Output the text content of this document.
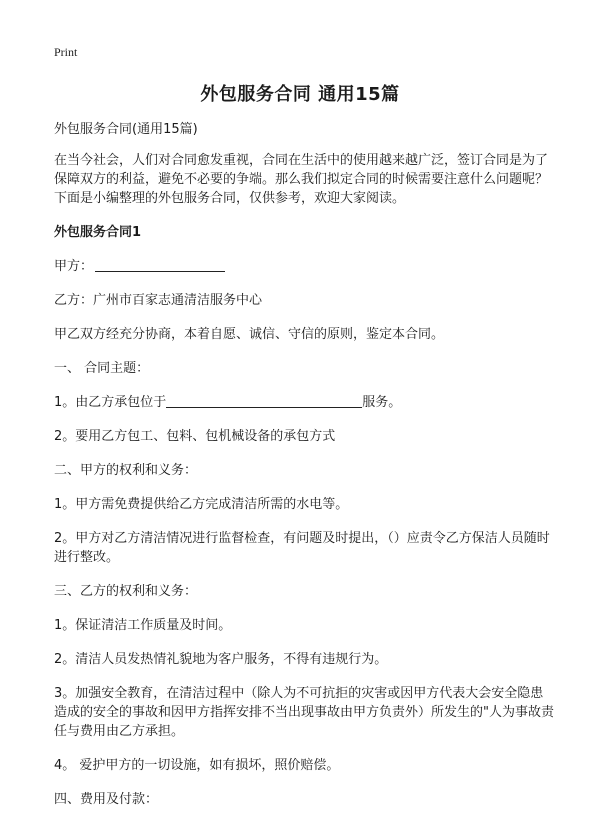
Print
外包服务合同 通用15篇

外包服务合同(通用15篇)

在当今社会，人们对合同愈发重视，合同在生活中的使用越来越广泛，签订合同是为了保障双方的利益，避免不必要的争端。那么我们拟定合同的时候需要注意什么问题呢？下面是小编整理的外包服务合同，仅供参考，欢迎大家阅读。

外包服务合同1

甲方：

乙方：广州市百家志通清洁服务中心

甲乙双方经充分协商，本着自愿、诚信、守信的原则，鉴定本合同。

一、 合同主题：

1。由乙方承包位于	服务。

2。要用乙方包工、包料、包机械设备的承包方式

二、甲方的权利和义务：

1。甲方需免费提供给乙方完成清洁所需的水电等。

2。甲方对乙方清洁情况进行监督检查，有问题及时提出，（）应责令乙方保洁人员随时进行整改。

三、乙方的权利和义务：

1。保证清洁工作质量及时间。

2。清洁人员发热情礼貌地为客户服务，不得有违规行为。

3。加强安全教育，在清洁过程中（除人为不可抗拒的灾害或因甲方代表大会安全隐患造成的安全的事故和因甲方指挥安排不当出现事故由甲方负责外）所发生的"人为事故责任与费用由乙方承担。

4。 爱护甲方的一切设施，如有损坏，照价赔偿。

四、费用及付款：
